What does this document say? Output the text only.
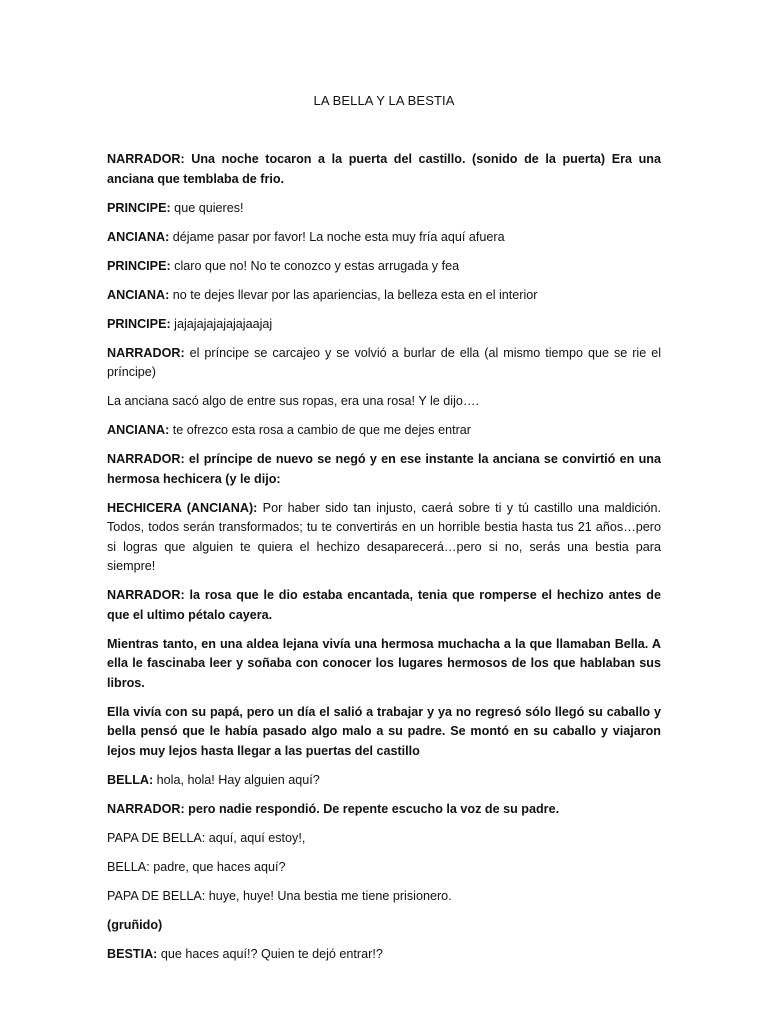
LA BELLA Y LA BESTIA

NARRADOR: Una noche tocaron a la puerta del castillo. (sonido de la puerta) Era una anciana que temblaba de frio.

PRINCIPE: que quieres!

ANCIANA: déjame pasar por favor! La noche esta muy fría aquí afuera

PRINCIPE: claro que no! No te conozco y estas arrugada y fea

ANCIANA: no te dejes llevar por las apariencias, la belleza esta en el interior

PRINCIPE: jajajajajajajajaajaj

NARRADOR: el príncipe se carcajeo y se volvió a burlar de ella (al mismo tiempo que se rie el príncipe)

La anciana sacó algo de entre sus ropas, era una rosa! Y le dijo….

ANCIANA: te ofrezco esta rosa a cambio de que me dejes entrar

NARRADOR: el príncipe de nuevo se negó y en ese instante la anciana se convirtió en una hermosa hechicera (y le dijo:

HECHICERA (ANCIANA): Por haber sido tan injusto, caerá sobre ti y tú castillo una maldición. Todos, todos serán transformados; tu te convertirás en un horrible bestia hasta tus 21 años…pero si logras que alguien te quiera el hechizo desaparecerá…pero si no, serás una bestia para siempre!

NARRADOR: la rosa que le dio estaba encantada, tenia que romperse el hechizo antes de que el ultimo pétalo cayera.

Mientras tanto, en una aldea lejana vivía una hermosa muchacha a la que llamaban Bella. A ella le fascinaba leer y soñaba con conocer los lugares hermosos de los que hablaban sus libros.

Ella vivía con su papá, pero un día el salió a trabajar y ya no regresó sólo llegó su caballo y bella pensó que le había pasado algo malo a su padre. Se montó en su caballo y viajaron lejos muy lejos hasta llegar a las puertas del castillo

BELLA: hola, hola! Hay alguien aquí?

NARRADOR: pero nadie respondió. De repente escucho la voz de su padre.

PAPA DE BELLA: aquí, aquí estoy!,

BELLA: padre, que haces aquí?

PAPA DE BELLA: huye, huye! Una bestia me tiene prisionero.

(gruñido)

BESTIA: que haces aquí!? Quien te dejó entrar!?
